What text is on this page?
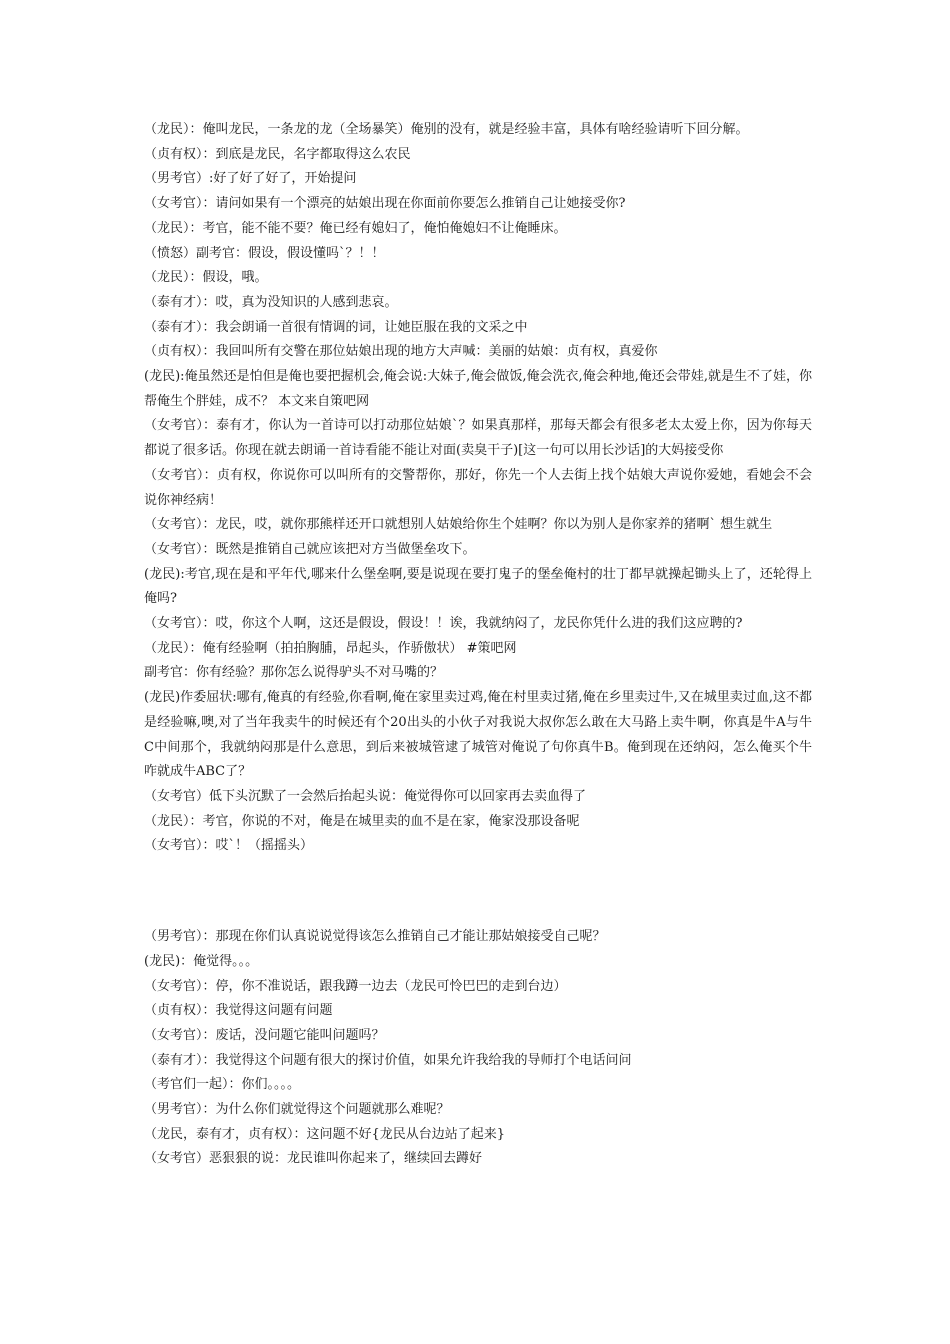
（龙民）：俺叫龙民，一条龙的龙（全场暴笑）俺别的没有，就是经验丰富，具体有啥经验请听下回分解。
（贞有权）：到底是龙民，名字都取得这么农民
（男考官）:好了好了好了，开始提问
（女考官）：请问如果有一个漂亮的姑娘出现在你面前你要怎么推销自己让她接受你?
（龙民）：考官，能不能不要？俺已经有媳妇了，俺怕俺媳妇不让俺睡床。
（愤怒）副考官：假设，假设懂吗`？！！
（龙民）：假设，哦。
（泰有才）：哎，真为没知识的人感到悲哀。
（泰有才）：我会朗诵一首很有情调的词，让她臣服在我的文采之中
（贞有权）：我回叫所有交警在那位姑娘出现的地方大声喊：美丽的姑娘：贞有权，真爱你
(龙民):俺虽然还是怕但是俺也要把握机会,俺会说:大妹子,俺会做饭,俺会洗衣,俺会种地,俺还会带娃,就是生不了娃，你帮俺生个胖娃，成不？ 本文来自策吧网
（女考官）：泰有才，你认为一首诗可以打动那位姑娘`？如果真那样，那每天都会有很多老太太爱上你，因为你每天都说了很多话。你现在就去朗诵一首诗看能不能让对面(卖臭干子)[这一句可以用长沙话]的大妈接受你
（女考官）：贞有权，你说你可以叫所有的交警帮你，那好，你先一个人去街上找个姑娘大声说你爱她，看她会不会说你神经病！
（女考官）：龙民，哎，就你那熊样还开口就想别人姑娘给你生个娃啊？你以为别人是你家养的猪啊` 想生就生
（女考官）：既然是推销自己就应该把对方当做堡垒攻下。
(龙民):考官,现在是和平年代,哪来什么堡垒啊,要是说现在要打鬼子的堡垒俺村的壮丁都早就操起锄头上了，还轮得上俺吗?
（女考官）：哎，你这个人啊，这还是假设，假设！！诶，我就纳闷了，龙民你凭什么进的我们这应聘的?
（龙民）：俺有经验啊（拍拍胸脯，昂起头，作骄傲状） #策吧网
副考官：你有经验？那你怎么说得驴头不对马嘴的？
(龙民)作委屈状:哪有,俺真的有经验,你看啊,俺在家里卖过鸡,俺在村里卖过猪,俺在乡里卖过牛,又在城里卖过血,这不都是经验嘛,噢,对了当年我卖牛的时候还有个20出头的小伙子对我说大叔你怎么敢在大马路上卖牛啊，你真是牛A与牛C中间那个，我就纳闷那是什么意思，到后来被城管逮了城管对俺说了句你真牛B。俺到现在还纳闷，怎么俺买个牛咋就成牛ABC了？
（女考官）低下头沉默了一会然后抬起头说：俺觉得你可以回家再去卖血得了
（龙民）：考官，你说的不对，俺是在城里卖的血不是在家，俺家没那设备呢
（女考官）：哎`！（摇摇头）
（男考官）：那现在你们认真说说觉得该怎么推销自己才能让那姑娘接受自己呢？
(龙民)：俺觉得。。。
（女考官）：停，你不准说话，跟我蹲一边去（龙民可怜巴巴的走到台边）
（贞有权）：我觉得这问题有问题
（女考官）：废话，没问题它能叫问题吗？
（泰有才）：我觉得这个问题有很大的探讨价值，如果允许我给我的导师打个电话问问
（考官们一起）：你们。。。。
（男考官）：为什么你们就觉得这个问题就那么难呢？
（龙民，泰有才，贞有权）：这问题不好{龙民从台边站了起来}
（女考官）恶狠狠的说：龙民谁叫你起来了，继续回去蹲好
